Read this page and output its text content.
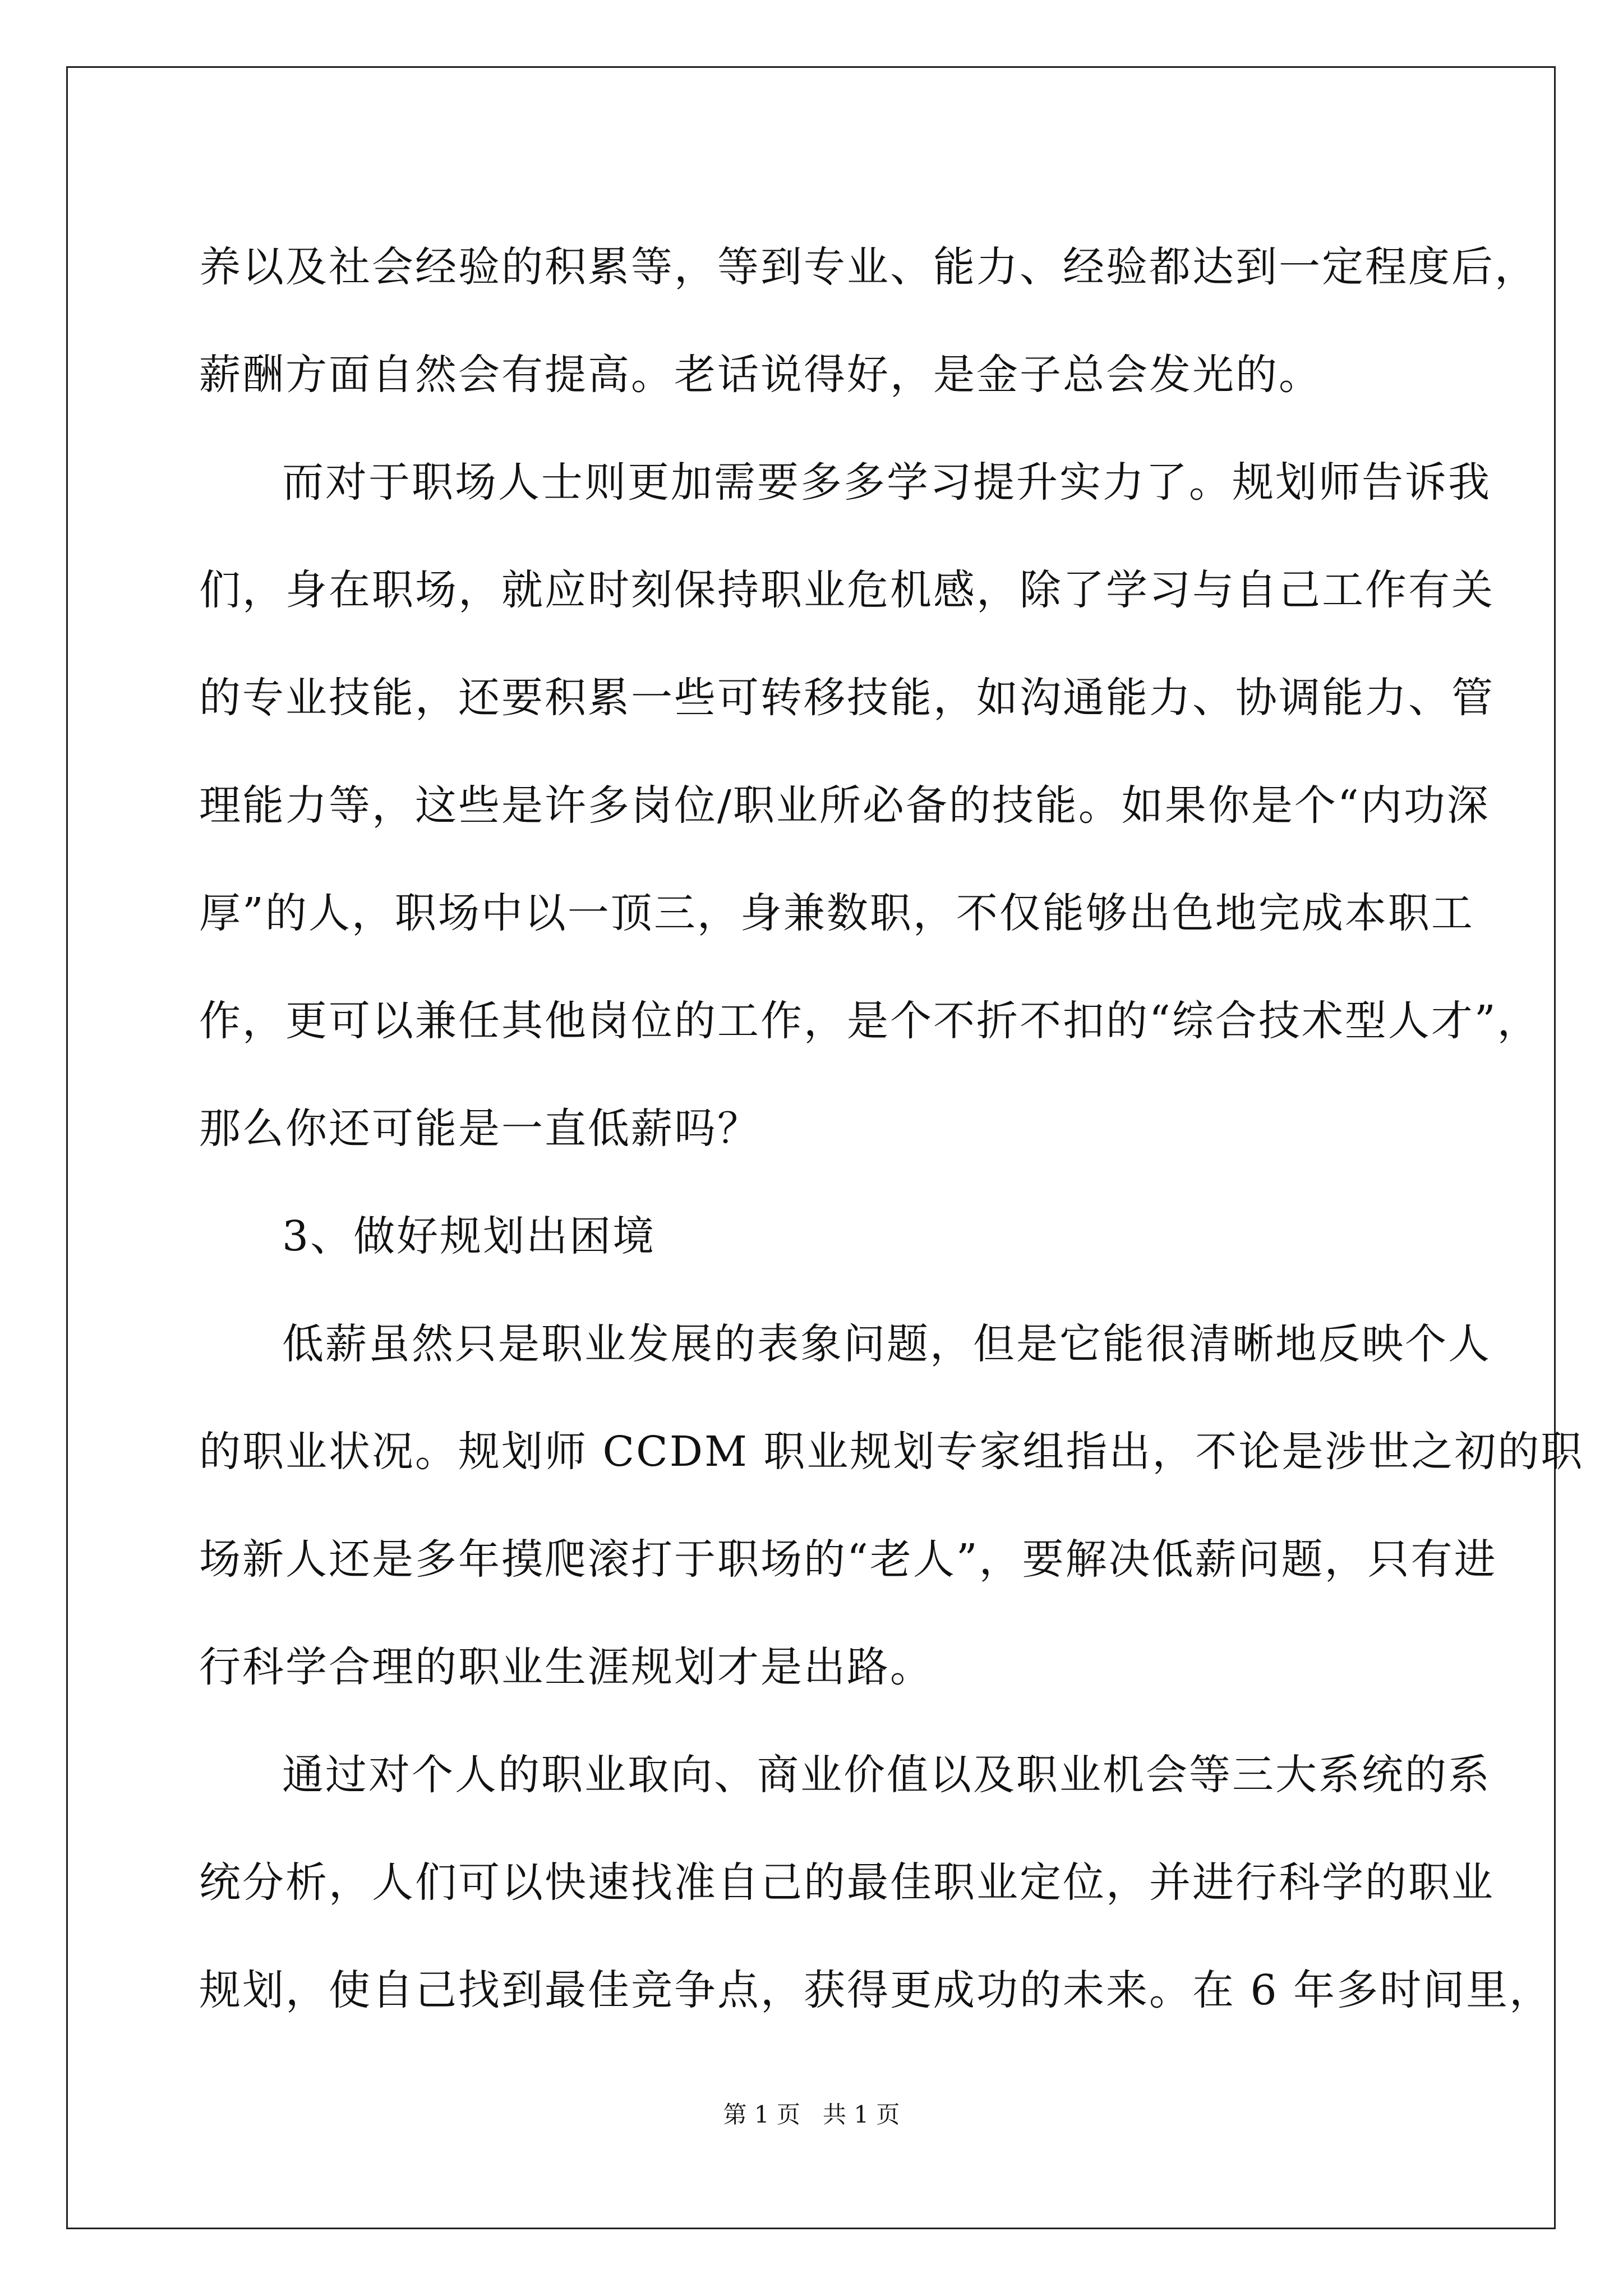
养以及社会经验的积累等，等到专业、能力、经验都达到一定程度后，
薪酬方面自然会有提高。老话说得好，是金子总会发光的。
而对于职场人士则更加需要多多学习提升实力了。规划师告诉我
们，身在职场，就应时刻保持职业危机感，除了学习与自己工作有关
的专业技能，还要积累一些可转移技能，如沟通能力、协调能力、管
理能力等，这些是许多岗位/职业所必备的技能。如果你是个“内功深
厚”的人，职场中以一顶三，身兼数职，不仅能够出色地完成本职工
作，更可以兼任其他岗位的工作，是个不折不扣的“综合技术型人才”，
那么你还可能是一直低薪吗？
3、做好规划出困境
低薪虽然只是职业发展的表象问题，但是它能很清晰地反映个人
的职业状况。规划师 CCDM 职业规划专家组指出，不论是涉世之初的职
场新人还是多年摸爬滚打于职场的“老人”，要解决低薪问题，只有进
行科学合理的职业生涯规划才是出路。
通过对个人的职业取向、商业价值以及职业机会等三大系统的系
统分析，人们可以快速找准自己的最佳职业定位，并进行科学的职业
规划，使自己找到最佳竞争点，获得更成功的未来。在 6 年多时间里，
第 1 页 共 1 页
